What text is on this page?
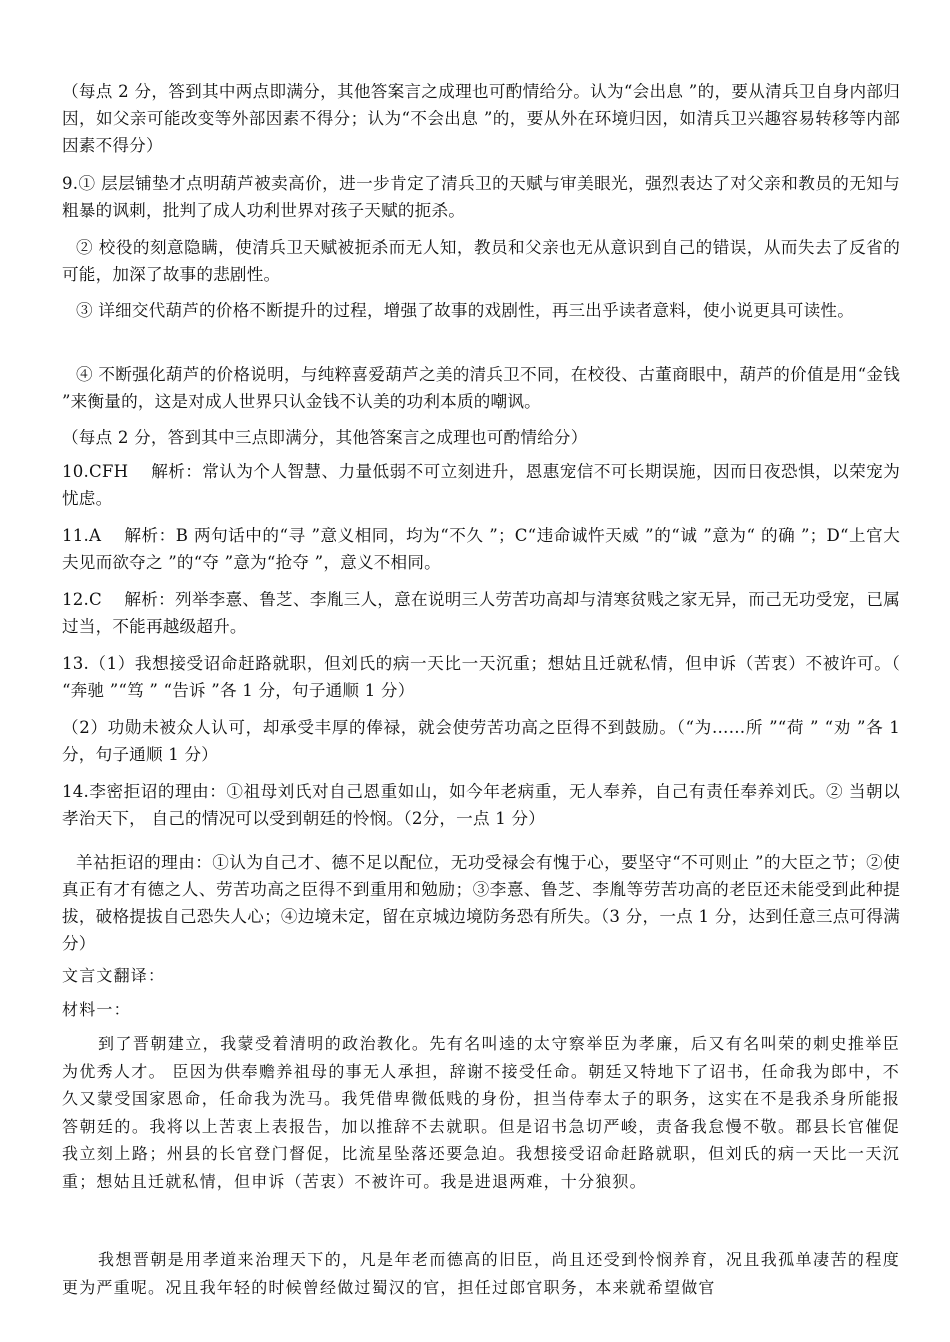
（每点 2 分，答到其中两点即满分，其他答案言之成理也可酌情给分。认为“会出息 ”的，要从清兵卫自身内部归因，如父亲可能改变等外部因素不得分；认为“不会出息 ”的，要从外在环境归因，如清兵卫兴趣容易转移等内部因素不得分）

9.① 层层铺垫才点明葫芦被卖高价，进一步肯定了清兵卫的天赋与审美眼光，强烈表达了对父亲和教员的无知与粗暴的讽刺，批判了成人功利世界对孩子天赋的扼杀。

② 校役的刻意隐瞒，使清兵卫天赋被扼杀而无人知，教员和父亲也无从意识到自己的错误，从而失去了反省的可能，加深了故事的悲剧性。

③ 详细交代葫芦的价格不断提升的过程，增强了故事的戏剧性，再三出乎读者意料，使小说更具可读性。

④ 不断强化葫芦的价格说明，与纯粹喜爱葫芦之美的清兵卫不同，在校役、古董商眼中，葫芦的价值是用“金钱 ”来衡量的，这是对成人世界只认金钱不认美的功利本质的嘲讽。

（每点 2 分，答到其中三点即满分，其他答案言之成理也可酌情给分）

10.CFH　 解析：常认为个人智慧、力量低弱不可立刻进升，恩惠宠信不可长期误施，因而日夜恐惧，以荣宠为忧虑。

11.A　 解析：B 两句话中的“寻 ”意义相同，均为“不久 ”；C“违命诚忤天威 ”的“诚 ”意为“ 的确 ”；D“上官大夫见而欲夺之 ”的“夺 ”意为“抢夺 ”，意义不相同。

12.C　 解析：列举李憙、鲁芝、李胤三人，意在说明三人劳苦功高却与清寒贫贱之家无异，而己无功受宠，已属过当，不能再越级超升。

13.（1）我想接受诏命赶路就职，但刘氏的病一天比一天沉重；想姑且迁就私情，但申诉（苦衷）不被许可。（ “奔驰 ”“笃 ” “告诉 ”各 1 分，句子通顺 1 分）

（2）功勋未被众人认可，却承受丰厚的俸禄，就会使劳苦功高之臣得不到鼓励。（“为……所 ”“荷 ” “劝 ”各 1 分，句子通顺 1 分）

14.李密拒诏的理由：①祖母刘氏对自己恩重如山，如今年老病重，无人奉养，自己有责任奉养刘氏。② 当朝以孝治天下， 自己的情况可以受到朝廷的怜悯。（2分，一点 1 分）

羊祜拒诏的理由：①认为自己才、德不足以配位，无功受禄会有愧于心，要坚守“不可则止 ”的大臣之节；②使真正有才有德之人、劳苦功高之臣得不到重用和勉励；③李憙、鲁芝、李胤等劳苦功高的老臣还未能受到此种提拔，破格提拔自己恐失人心；④边境未定，留在京城边境防务恐有所失。（3 分，一点 1 分，达到任意三点可得满分）

文言文翻译：

材料一：

到了晋朝建立，我蒙受着清明的政治教化。先有名叫逵的太守察举臣为孝廉，后又有名叫荣的刺史推举臣为优秀人才。 臣因为供奉赡养祖母的事无人承担，辞谢不接受任命。朝廷又特地下了诏书，任命我为郎中，不久又蒙受国家恩命，任命我为洗马。我凭借卑微低贱的身份，担当侍奉太子的职务，这实在不是我杀身所能报答朝廷的。我将以上苦衷上表报告，加以推辞不去就职。但是诏书急切严峻，责备我怠慢不敬。郡县长官催促我立刻上路；州县的长官登门督促，比流星坠落还要急迫。我想接受诏命赶路就职，但刘氏的病一天比一天沉重；想姑且迁就私情，但申诉（苦衷）不被许可。我是进退两难，十分狼狈。

我想晋朝是用孝道来治理天下的，凡是年老而德高的旧臣，尚且还受到怜悯养育，况且我孤单凄苦的程度更为严重呢。况且我年轻的时候曾经做过蜀汉的官，担任过郎官职务，本来就希望做官
